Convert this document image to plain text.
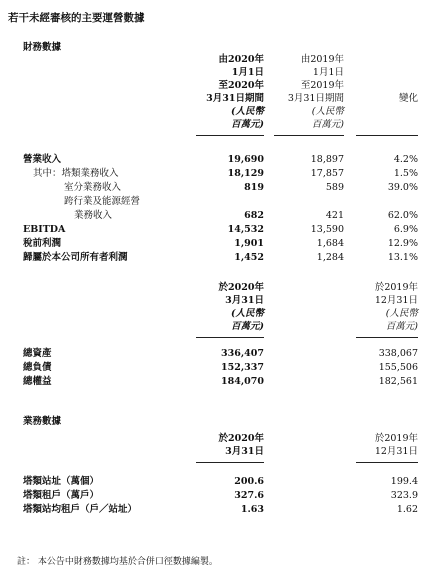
若干未經審核的主要運營數據
財務數據
由2020年
1月1日
至2020年
3月31日期間
(人民幣
百萬元)
由2019年
1月1日
至2019年
3月31日期間
(人民幣
百萬元)
變化
營業收入	19,690	18,897	4.2%
其中：塔類業務收入	18,129	17,857	1.5%
室分業務收入	819	589	39.0%
跨行業及能源經營
業務收入	682	421	62.0%
EBITDA	14,532	13,590	6.9%
稅前利潤	1,901	1,684	12.9%
歸屬於本公司所有者利潤	1,452	1,284	13.1%
於2020年
3月31日
(人民幣
百萬元)
於2019年
12月31日
(人民幣
百萬元)
總資產	336,407	338,067
總負債	152,337	155,506
總權益	184,070	182,561
業務數據
於2020年
3月31日
於2019年
12月31日
塔類站址（萬個）	200.6	199.4
塔類租戶（萬戶）	327.6	323.9
塔類站均租戶（戶／站址）	1.63	1.62
註： 本公告中財務數據均基於合併口徑數據編製。
